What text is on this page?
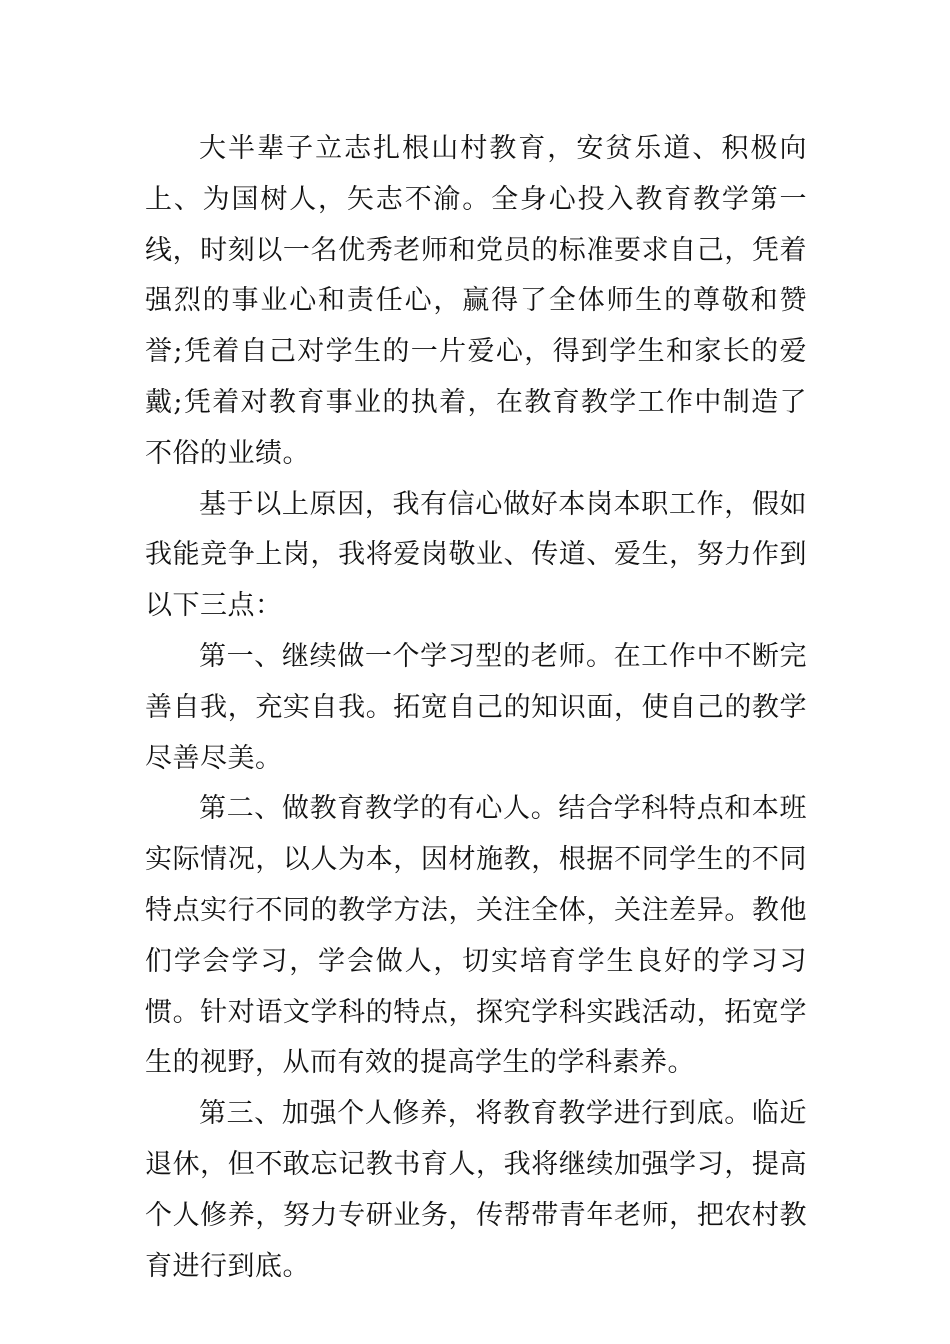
大半辈子立志扎根山村教育，安贫乐道、积极向上、为国树人，矢志不渝。全身心投入教育教学第一线，时刻以一名优秀老师和党员的标准要求自己，凭着强烈的事业心和责任心，赢得了全体师生的尊敬和赞誉;凭着自己对学生的一片爱心，得到学生和家长的爱戴;凭着对教育事业的执着，在教育教学工作中制造了不俗的业绩。

基于以上原因，我有信心做好本岗本职工作，假如我能竞争上岗，我将爱岗敬业、传道、爱生，努力作到以下三点：

第一、继续做一个学习型的老师。在工作中不断完善自我，充实自我。拓宽自己的知识面，使自己的教学尽善尽美。

第二、做教育教学的有心人。结合学科特点和本班实际情况，以人为本，因材施教，根据不同学生的不同特点实行不同的教学方法，关注全体，关注差异。教他们学会学习，学会做人，切实培育学生良好的学习习惯。针对语文学科的特点，探究学科实践活动，拓宽学生的视野，从而有效的提高学生的学科素养。

第三、加强个人修养，将教育教学进行到底。临近退休，但不敢忘记教书育人，我将继续加强学习，提高个人修养，努力专研业务，传帮带青年老师，把农村教育进行到底。
